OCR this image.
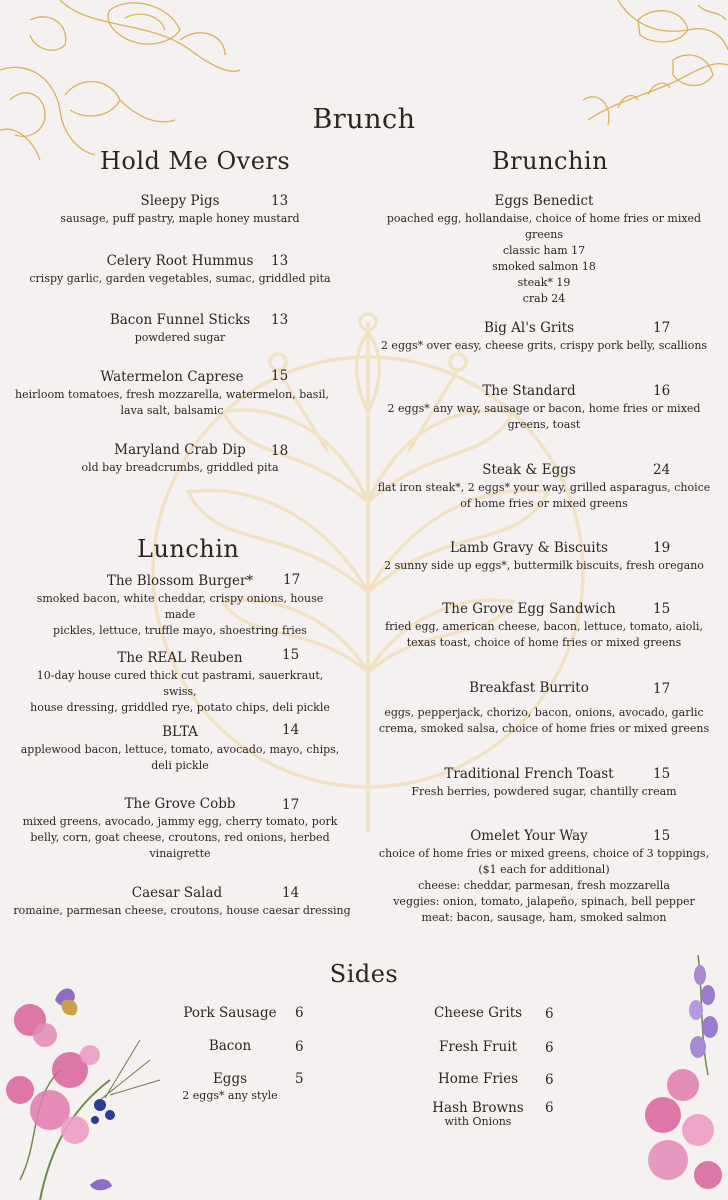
Brunch
Hold Me Overs	Brunchin
Lunchin
Sides
Sleepy Pigs	13
sausage, puff pastry, maple honey mustard
Celery Root Hummus	13
crispy garlic, garden vegetables, sumac, griddled pita
Bacon Funnel Sticks	13
powdered sugar
Watermelon Caprese	15
heirloom tomatoes, fresh mozzarella, watermelon, basil,
lava salt, balsamic
Maryland Crab Dip	18
old bay breadcrumbs, griddled pita
The Blossom Burger*	17
smoked bacon, white cheddar, crispy onions, house made
pickles, lettuce, truffle mayo, shoestring fries
The REAL Reuben	15
10-day house cured thick cut pastrami, sauerkraut, swiss,
house dressing, griddled rye, potato chips, deli pickle
BLTA	14
applewood bacon, lettuce, tomato, avocado, mayo, chips,
deli pickle
The Grove Cobb	17
mixed greens, avocado, jammy egg, cherry tomato, pork
belly, corn, goat cheese, croutons, red onions, herbed
vinaigrette
Caesar Salad	14
romaine, parmesan cheese, croutons, house caesar dressing
Eggs Benedict
poached egg, hollandaise, choice of home fries or mixed greens
classic ham 17
smoked salmon 18
steak* 19
crab 24
Big Al's Grits	17
2 eggs* over easy, cheese grits, crispy pork belly, scallions
The Standard	16
2 eggs* any way, sausage or bacon, home fries or mixed
greens, toast
Steak & Eggs	24
flat iron steak*, 2 eggs* your way, grilled asparagus, choice
of home fries or mixed greens
Lamb Gravy & Biscuits	19
2 sunny side up eggs*, buttermilk biscuits, fresh oregano
The Grove Egg Sandwich	15
fried egg, american cheese, bacon, lettuce, tomato, aioli,
texas toast, choice of home fries or mixed greens
Breakfast Burrito	17
eggs, pepperjack, chorizo, bacon, onions, avocado, garlic
crema, smoked salsa, choice of home fries or mixed greens
Traditional French Toast	15
Fresh berries, powdered sugar, chantilly cream
Omelet Your Way	15
choice of home fries or mixed greens, choice of 3 toppings,
($1 each for additional)
cheese: cheddar, parmesan, fresh mozzarella
veggies: onion, tomato, jalapeño, spinach, bell pepper
meat: bacon, sausage, ham, smoked salmon
Pork Sausage	6
Bacon	6
Eggs	5
2 eggs* any style
Cheese Grits	6
Fresh Fruit	6
Home Fries	6
Hash Browns	6
with Onions
